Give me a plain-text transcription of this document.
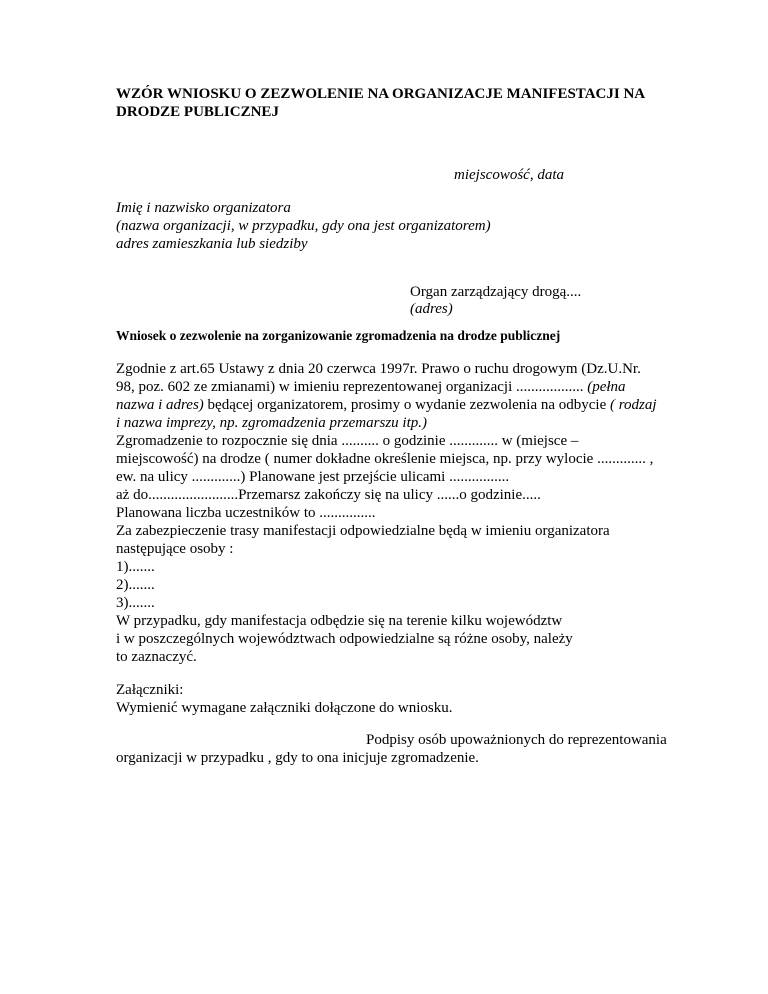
WZÓR WNIOSKU O ZEZWOLENIE NA ORGANIZACJE MANIFESTACJI NA
DRODZE PUBLICZNEJ
miejscowość, data
Imię i nazwisko organizatora
(nazwa organizacji, w przypadku, gdy ona jest organizatorem)
adres zamieszkania lub siedziby
Organ zarządzający drogą....
(adres)
Wniosek o zezwolenie na zorganizowanie zgromadzenia na drodze publicznej
Zgodnie z art.65 Ustawy z dnia 20 czerwca 1997r. Prawo o ruchu drogowym (Dz.U.Nr.
98, poz. 602 ze zmianami) w imieniu reprezentowanej organizacji .................. (pełna
nazwa i adres) będącej organizatorem, prosimy o wydanie zezwolenia na odbycie ( rodzaj
i nazwa imprezy, np. zgromadzenia przemarszu itp.)
Zgromadzenie to rozpocznie się dnia .......... o godzinie ............. w (miejsce –
miejscowość) na drodze ( numer dokładne określenie miejsca, np. przy wylocie ............. ,
ew. na ulicy .............) Planowane jest przejście ulicami ................
aż do........................Przemarsz zakończy się na ulicy ......o godzinie.....
Planowana liczba uczestników to ...............
Za zabezpieczenie trasy manifestacji odpowiedzialne będą w imieniu organizatora
następujące osoby :
1).......
2).......
3).......
W przypadku, gdy manifestacja odbędzie się na terenie kilku województw
i w poszczególnych województwach odpowiedzialne są różne osoby, należy
to zaznaczyć.
Załączniki:
Wymienić wymagane załączniki dołączone do wniosku.
Podpisy osób upoważnionych do reprezentowania
organizacji w przypadku , gdy to ona inicjuje zgromadzenie.
